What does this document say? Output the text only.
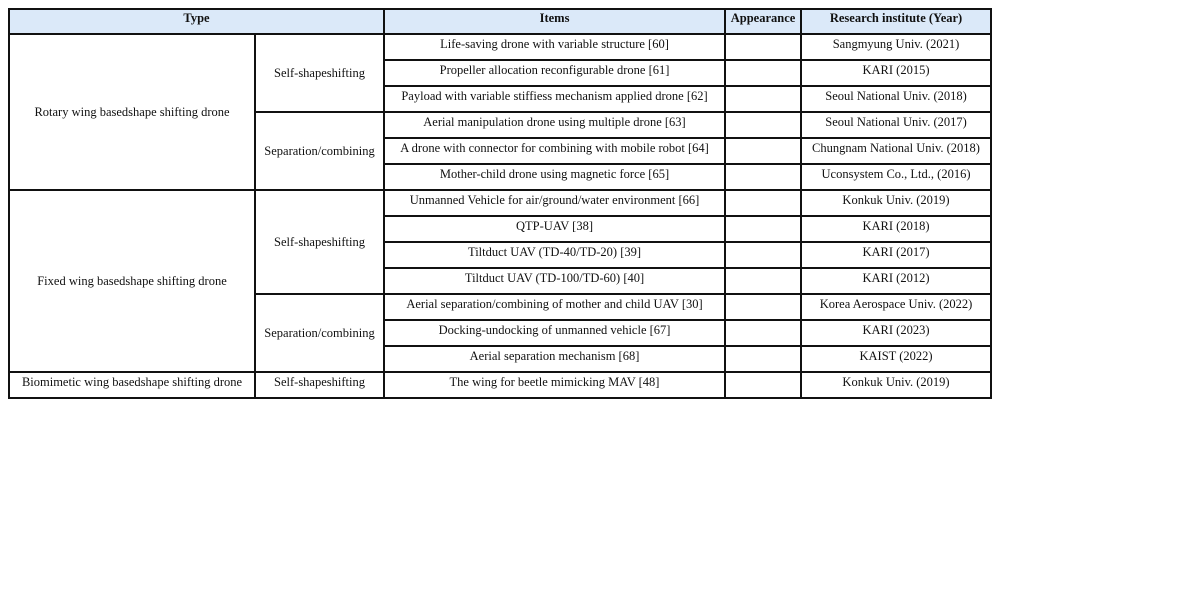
Type		Items	Appearance	Research institute (Year)
Rotary wing basedshape shifting drone	Self-shapeshifting	Life-saving drone with variable structure [60]		Sangmyung Univ. (2021)
		Propeller allocation reconfigurable drone [61]		KARI (2015)
		Payload with variable stiffiess mechanism applied drone [62]		Seoul National Univ. (2018)
	Separation/combining	Aerial manipulation drone using multiple drone [63]		Seoul National Univ. (2017)
		A drone with connector for combining with mobile robot [64]		Chungnam National Univ. (2018)
		Mother-child drone using magnetic force [65]		Uconsystem Co., Ltd., (2016)
Fixed wing basedshape shifting drone	Self-shapeshifting	Unmanned Vehicle for air/ground/water environment [66]		Konkuk Univ. (2019)
		QTP-UAV [38]		KARI (2018)
		Tiltduct UAV (TD-40/TD-20) [39]		KARI (2017)
		Tiltduct UAV (TD-100/TD-60) [40]		KARI (2012)
	Separation/combining	Aerial separation/combining of mother and child UAV [30]		Korea Aerospace Univ. (2022)
		Docking-undocking of unmanned vehicle [67]		KARI (2023)
		Aerial separation mechanism [68]		KAIST (2022)
Biomimetic wing basedshape shifting drone	Self-shapeshifting	The wing for beetle mimicking MAV [48]		Konkuk Univ. (2019)
